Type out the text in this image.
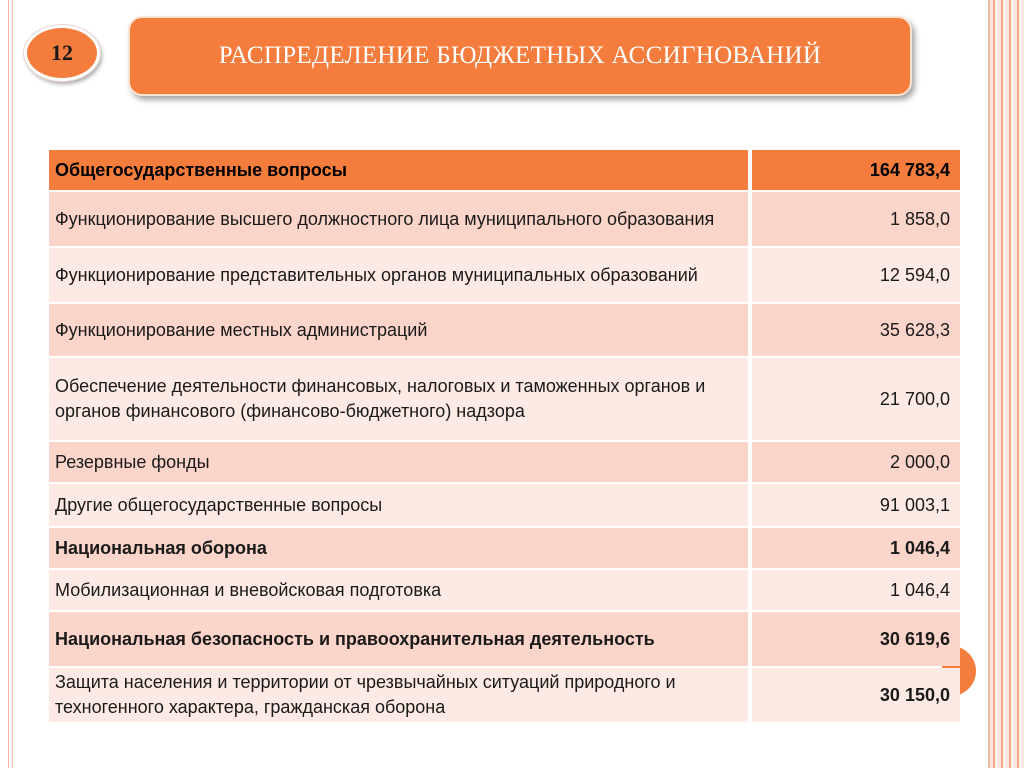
12	РАСПРЕДЕЛЕНИЕ БЮДЖЕТНЫХ АССИГНОВАНИЙ
Общегосударственные вопросы	164 783,4
Функционирование высшего должностного лица муниципального образования	1 858,0
Функционирование представительных органов муниципальных образований	12 594,0
Функционирование местных администраций	35 628,3
Обеспечение деятельности финансовых, налоговых и таможенных органов и органов финансового (финансово-бюджетного) надзора	21 700,0
Резервные фонды	2 000,0
Другие общегосударственные вопросы	91 003,1
Национальная оборона	1 046,4
Мобилизационная и вневойсковая подготовка	1 046,4
Национальная безопасность и правоохранительная деятельность	30 619,6
Защита населения и территории от чрезвычайных ситуаций природного и техногенного характера, гражданская оборона	30 150,0
